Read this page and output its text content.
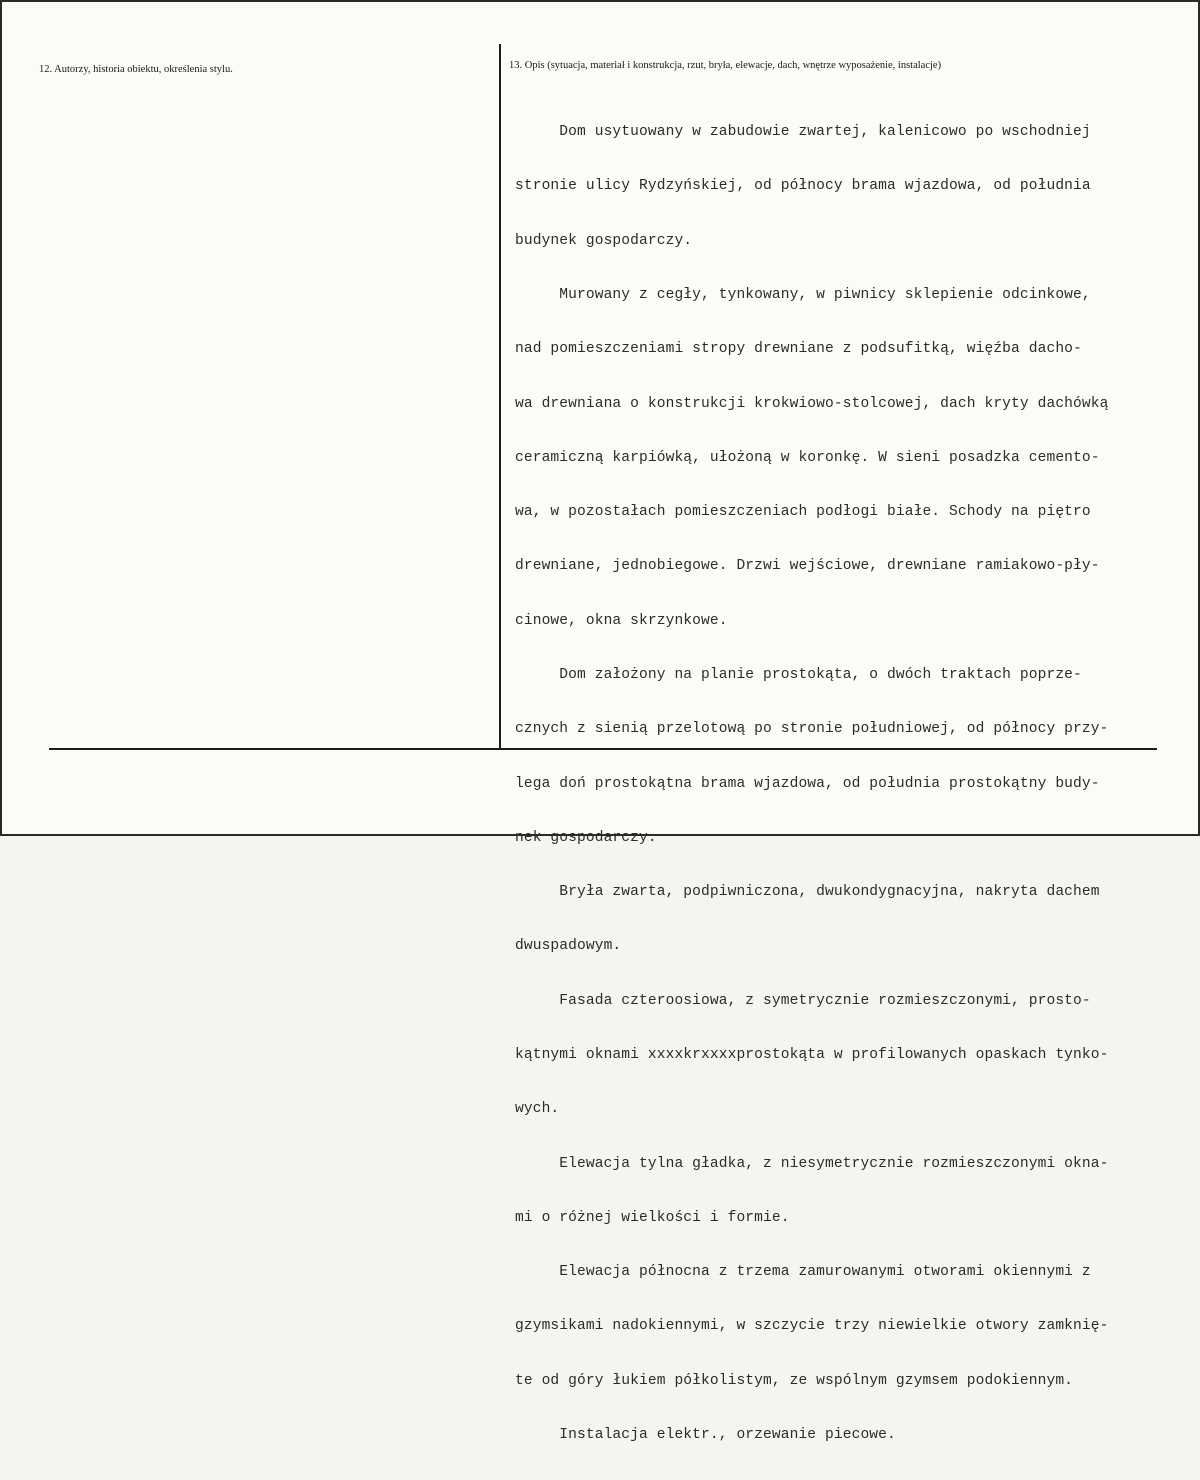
12. Autorzy, historia obiektu, określenia stylu.	13. Opis (sytuacja, materiał i konstrukcja, rzut, bryła, elewacje, dach, wnętrze wyposażenie, instalacje)

Dom usytuowany w zabudowie zwartej, kalenicowo po wschodniej

stronie ulicy Rydzyńskiej, od północy brama wjazdowa, od południa

budynek gospodarczy.

Murowany z cegły, tynkowany, w piwnicy sklepienie odcinkowe,

nad pomieszczeniami stropy drewniane z podsufitką, więźba dacho-

wa drewniana o konstrukcji krokwiowo-stolcowej, dach kryty dachówką

ceramiczną karpiówką, ułożoną w koronkę. W sieni posadzka cemento-

wa, w pozostałach pomieszczeniach podłogi białe. Schody na piętro

drewniane, jednobiegowe. Drzwi wejściowe, drewniane ramiakowo-pły-

cinowe, okna skrzynkowe.

Dom założony na planie prostokąta, o dwóch traktach poprze-

cznych z sienią przelotową po stronie południowej, od północy przy-

lega doń prostokątna brama wjazdowa, od południa prostokątny budy-

nek gospodarczy.

Bryła zwarta, podpiwniczona, dwukondygnacyjna, nakryta dachem

dwuspadowym.

Fasada czteroosiowa, z symetrycznie rozmieszczonymi, prosto-

kątnymi oknami xxxxkrxxxxprostokąta w profilowanych opaskach tynko-

wych.

Elewacja tylna gładka, z niesymetrycznie rozmieszczonymi okna-

mi o różnej wielkości i formie.

Elewacja północna z trzema zamurowanymi otworami okiennymi z

gzymsikami nadokiennymi, w szczycie trzy niewielkie otwory zamknię-

te od góry łukiem półkolistym, ze wspólnym gzymsem podokiennym.

Instalacja elektr., orzewanie piecowe.
